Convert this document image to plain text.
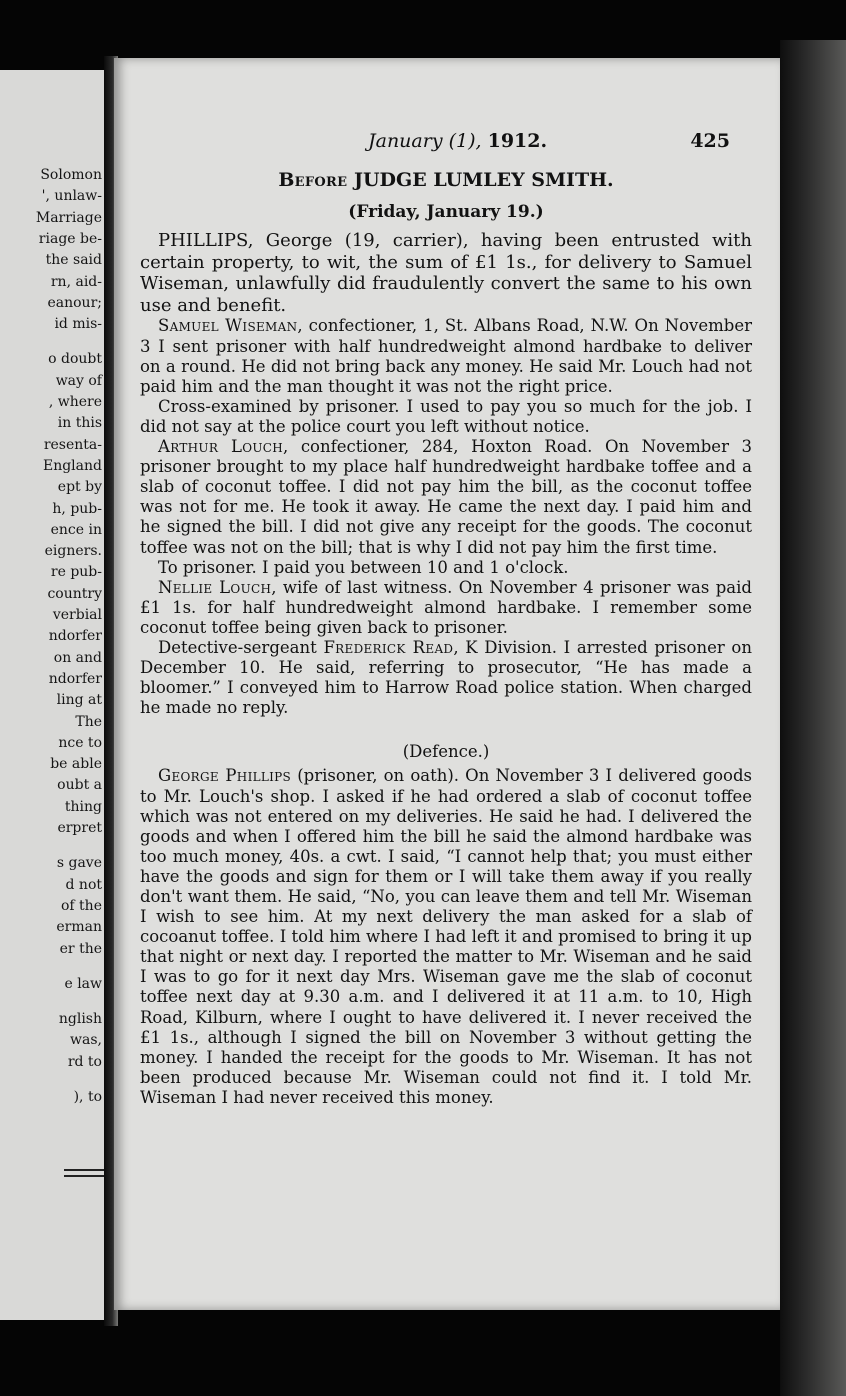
Solomon
', unlaw-
Marriage
riage be-
the said
rn, aid-
eanour;
id mis-
o doubt
way of
, where
in this
resenta-
England
ept by
h, pub-
ence in
eigners.
re pub-
country
verbial
ndorfer
on and
ndorfer
ling at
The
nce to
be able
oubt a
thing
erpret
s gave
d not
of the
erman
er the
e law
nglish
was,
rd to
), to
January (1), 1912.	425

Before JUDGE LUMLEY SMITH.

(Friday, January 19.)

PHILLIPS, George (19, carrier), having been entrusted with certain property, to wit, the sum of £1 1s., for delivery to Samuel Wiseman, unlawfully did fraudulently convert the same to his own use and benefit.

Samuel Wiseman, confectioner, 1, St. Albans Road, N.W. On November 3 I sent prisoner with half hundredweight almond hardbake to deliver on a round. He did not bring back any money. He said Mr. Louch had not paid him and the man thought it was not the right price.

Cross-examined by prisoner. I used to pay you so much for the job. I did not say at the police court you left without notice.

Arthur Louch, confectioner, 284, Hoxton Road. On November 3 prisoner brought to my place half hundredweight hardbake toffee and a slab of coconut toffee. I did not pay him the bill, as the coconut toffee was not for me. He took it away. He came the next day. I paid him and he signed the bill. I did not give any receipt for the goods. The coconut toffee was not on the bill; that is why I did not pay him the first time.

To prisoner. I paid you between 10 and 1 o'clock.

Nellie Louch, wife of last witness. On November 4 prisoner was paid £1 1s. for half hundredweight almond hardbake. I remember some coconut toffee being given back to prisoner.

Detective-sergeant Frederick Read, K Division. I arrested prisoner on December 10. He said, referring to prosecutor, “He has made a bloomer.” I conveyed him to Harrow Road police station. When charged he made no reply.

(Defence.)

George Phillips (prisoner, on oath). On November 3 I delivered goods to Mr. Louch's shop. I asked if he had ordered a slab of coconut toffee which was not entered on my deliveries. He said he had. I delivered the goods and when I offered him the bill he said the almond hardbake was too much money, 40s. a cwt. I said, “I cannot help that; you must either have the goods and sign for them or I will take them away if you really don't want them. He said, “No, you can leave them and tell Mr. Wiseman I wish to see him. At my next delivery the man asked for a slab of cocoanut toffee. I told him where I had left it and promised to bring it up that night or next day. I reported the matter to Mr. Wiseman and he said I was to go for it next day Mrs. Wiseman gave me the slab of coconut toffee next day at 9.30 a.m. and I delivered it at 11 a.m. to 10, High Road, Kilburn, where I ought to have delivered it. I never received the £1 1s., although I signed the bill on November 3 without getting the money. I handed the receipt for the goods to Mr. Wiseman. It has not been produced because Mr. Wiseman could not find it. I told Mr. Wiseman I had never received this money.
